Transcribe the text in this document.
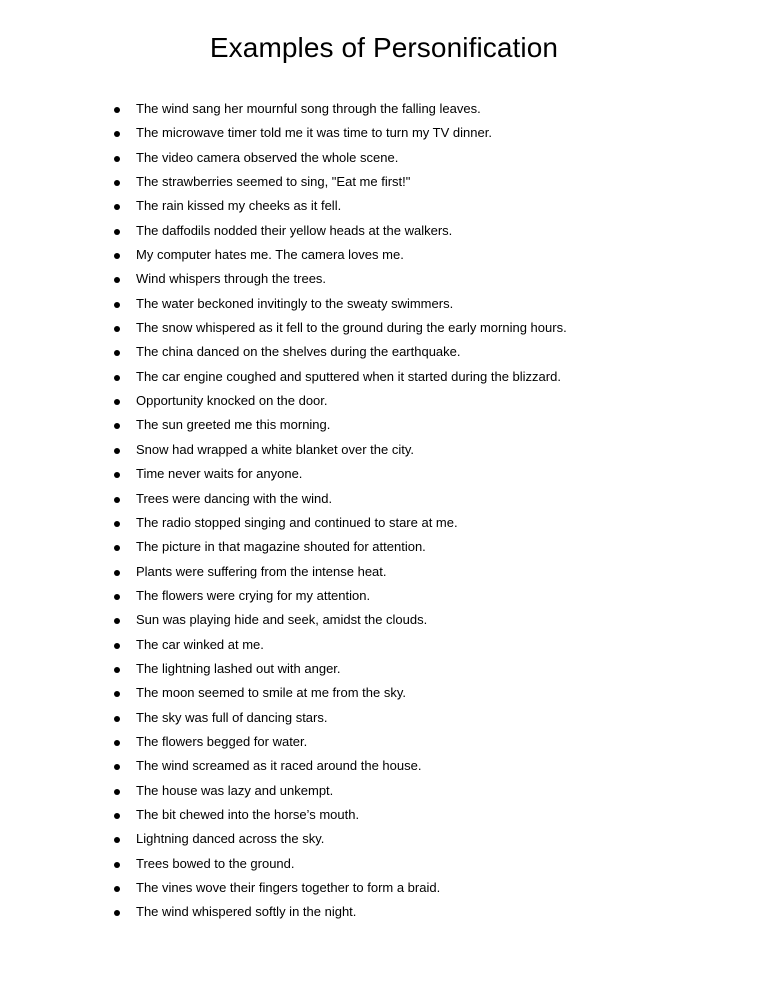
Examples of Personification
The wind sang her mournful song through the falling leaves.
The microwave timer told me it was time to turn my TV dinner.
The video camera observed the whole scene.
The strawberries seemed to sing, "Eat me first!"
The rain kissed my cheeks as it fell.
The daffodils nodded their yellow heads at the walkers.
My computer hates me. The camera loves me.
Wind whispers through the trees.
The water beckoned invitingly to the sweaty swimmers.
The snow whispered as it fell to the ground during the early morning hours.
The china danced on the shelves during the earthquake.
The car engine coughed and sputtered when it started during the blizzard.
Opportunity knocked on the door.
The sun greeted me this morning.
Snow had wrapped a white blanket over the city.
Time never waits for anyone.
Trees were dancing with the wind.
The radio stopped singing and continued to stare at me.
The picture in that magazine shouted for attention.
Plants were suffering from the intense heat.
The flowers were crying for my attention.
Sun was playing hide and seek, amidst the clouds.
The car winked at me.
The lightning lashed out with anger.
The moon seemed to smile at me from the sky.
The sky was full of dancing stars.
The flowers begged for water.
The wind screamed as it raced around the house.
The house was lazy and unkempt.
The bit chewed into the horse’s mouth.
Lightning danced across the sky.
Trees bowed to the ground.
The vines wove their fingers together to form a braid.
The wind whispered softly in the night.
